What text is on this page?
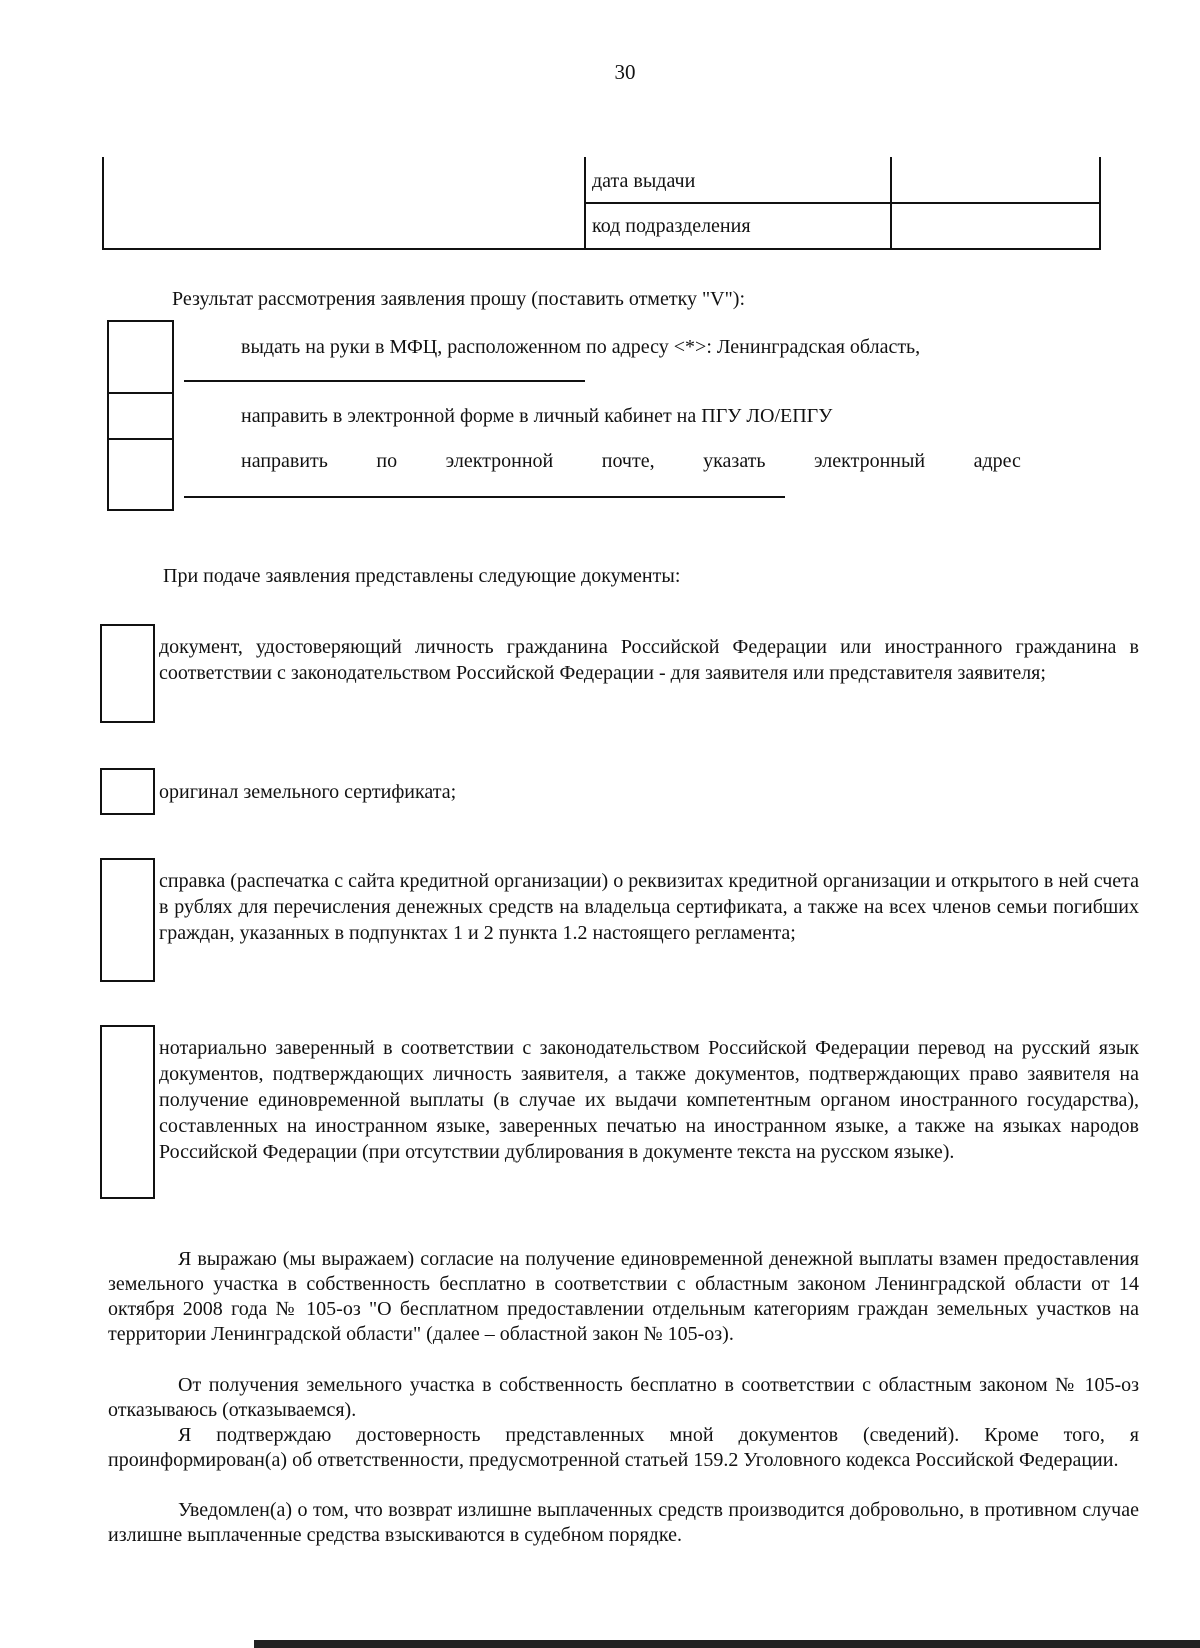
30
дата выдачи
код подразделения
Результат рассмотрения заявления прошу (поставить отметку "V"):
выдать на руки в МФЦ, расположенном по адресу <*>: Ленинградская область,
направить в электронной форме в личный кабинет на ПГУ ЛО/ЕПГУ
направить по электронной почте, указать электронный адрес
При подаче заявления представлены следующие документы:
документ, удостоверяющий личность гражданина Российской Федерации или иностранного гражданина в соответствии с законодательством Российской Федерации - для заявителя или представителя заявителя;
оригинал земельного сертификата;
справка (распечатка с сайта кредитной организации) о реквизитах кредитной организации и открытого в ней счета в рублях для перечисления денежных средств на владельца сертификата, а также на всех членов семьи погибших граждан, указанных в подпунктах 1 и 2 пункта 1.2 настоящего регламента;
нотариально заверенный в соответствии с законодательством Российской Федерации перевод на русский язык документов, подтверждающих личность заявителя, а также документов, подтверждающих право заявителя на получение единовременной выплаты (в случае их выдачи компетентным органом иностранного государства), составленных на иностранном языке, заверенных печатью на иностранном языке, а также на языках народов Российской Федерации (при отсутствии дублирования в документе текста на русском языке).
Я выражаю (мы выражаем) согласие на получение единовременной денежной выплаты взамен предоставления земельного участка в собственность бесплатно в соответствии с областным законом Ленинградской области от 14 октября 2008 года № 105-оз "О бесплатном предоставлении отдельным категориям граждан земельных участков на территории Ленинградской области" (далее – областной закон № 105-оз).
От получения земельного участка в собственность бесплатно в соответствии с областным законом № 105-оз отказываюсь (отказываемся).
Я подтверждаю достоверность представленных мной документов (сведений). Кроме того, я проинформирован(а) об ответственности, предусмотренной статьей 159.2 Уголовного кодекса Российской Федерации.
Уведомлен(а) о том, что возврат излишне выплаченных средств производится добровольно, в противном случае излишне выплаченные средства взыскиваются в судебном порядке.
